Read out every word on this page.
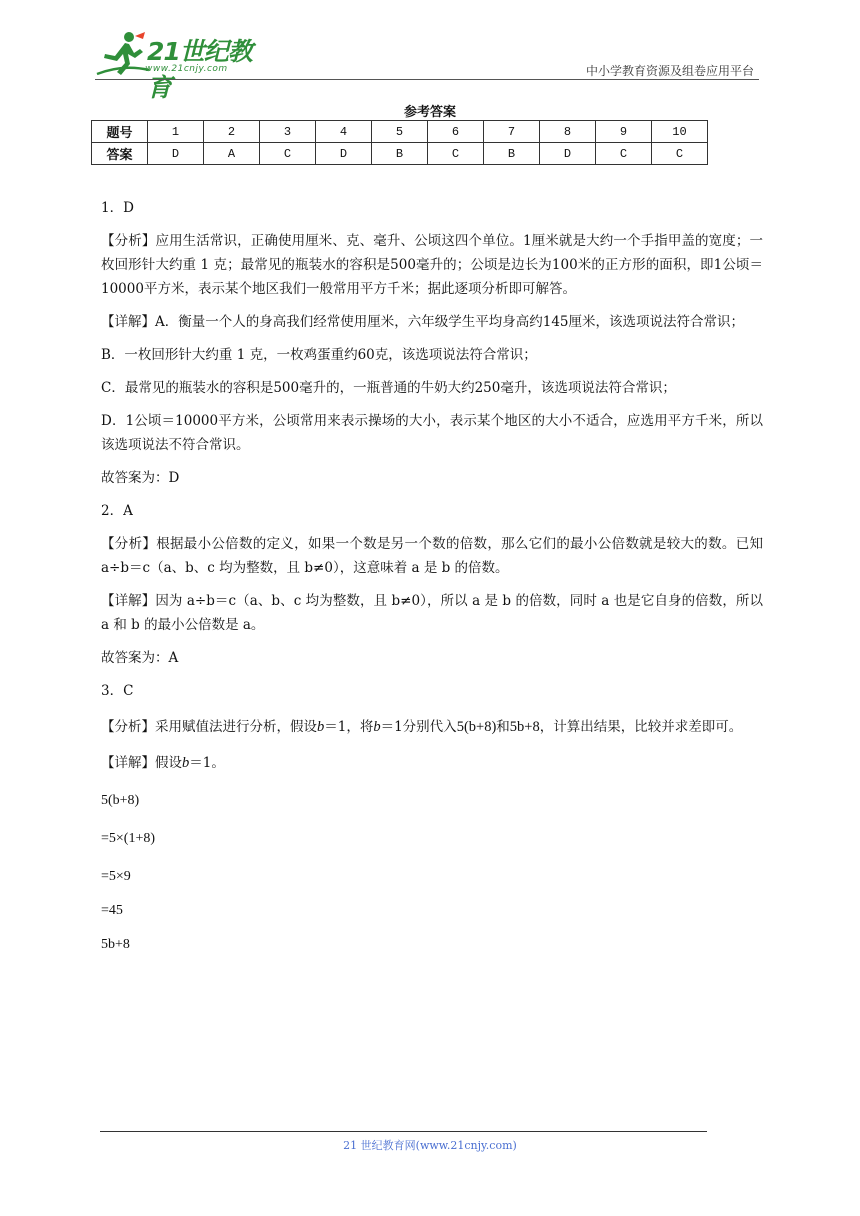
21世纪教育
www.21cnjy.com	中小学教育资源及组卷应用平台
参考答案
题号	1	2	3	4	5	6	7	8	9	10
答案	D	A	C	D	B	C	B	D	C	C

1．D

【分析】应用生活常识，正确使用厘米、克、毫升、公顷这四个单位。1厘米就是大约一个手指甲盖的宽度；一枚回形针大约重 1 克；最常见的瓶装水的容积是500毫升的；公顷是边长为100米的正方形的面积，即1公顷＝10000平方米，表示某个地区我们一般常用平方千米；据此逐项分析即可解答。

【详解】A．衡量一个人的身高我们经常使用厘米，六年级学生平均身高约145厘米，该选项说法符合常识；

B．一枚回形针大约重 1 克，一枚鸡蛋重约60克，该选项说法符合常识；

C．最常见的瓶装水的容积是500毫升的，一瓶普通的牛奶大约250毫升，该选项说法符合常识；

D．1公顷＝10000平方米，公顷常用来表示操场的大小，表示某个地区的大小不适合，应选用平方千米，所以该选项说法不符合常识。

故答案为：D

2．A

【分析】根据最小公倍数的定义，如果一个数是另一个数的倍数，那么它们的最小公倍数就是较大的数。已知 a÷b＝c（a、b、c 均为整数，且 b≠0），这意味着 a 是 b 的倍数。

【详解】因为 a÷b＝c（a、b、c 均为整数，且 b≠0），所以 a 是 b 的倍数，同时 a 也是它自身的倍数，所以 a 和 b 的最小公倍数是 a。

故答案为：A

3．C

【分析】采用赋值法进行分析，假设b＝1，将b＝1分别代入5(b+8)和5b+8，计算出结果，比较并求差即可。

【详解】假设b＝1。

5(b+8)
=5×(1+8)
=5×9
=45
5b+8
21 世纪教育网(www.21cnjy.com)
